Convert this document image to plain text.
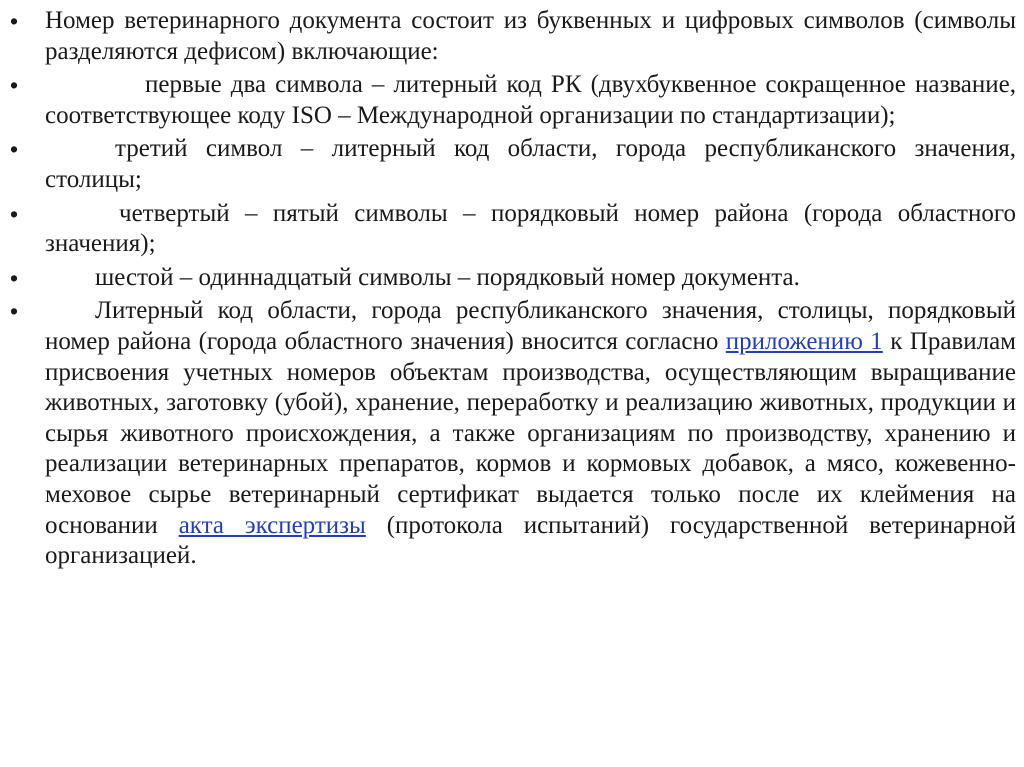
• Номер ветеринарного документа состоит из буквенных и цифровых символов (символы разделяются дефисом) включающие:
•	первые два символа – литерный код РК (двухбуквенное сокращенное название, соответствующее коду ISO – Международной организации по стандартизации);
•	третий символ – литерный код области, города республиканского значения, столицы;
•	четвертый – пятый символы – порядковый номер района (города областного значения);
•	шестой – одиннадцатый символы – порядковый номер документа.
•	Литерный код области, города республиканского значения, столицы, порядковый номер района (города областного значения) вносится согласно приложению 1 к Правилам присвоения учетных номеров объектам производства, осуществляющим выращивание животных, заготовку (убой), хранение, переработку и реализацию животных, продукции и сырья животного происхождения, а также организациям по производству, хранению и реализации ветеринарных препаратов, кормов и кормовых добавок, а мясо, кожевенно-меховое сырье ветеринарный сертификат выдается только после их клеймения на основании акта экспертизы (протокола испытаний) государственной ветеринарной организацией.
